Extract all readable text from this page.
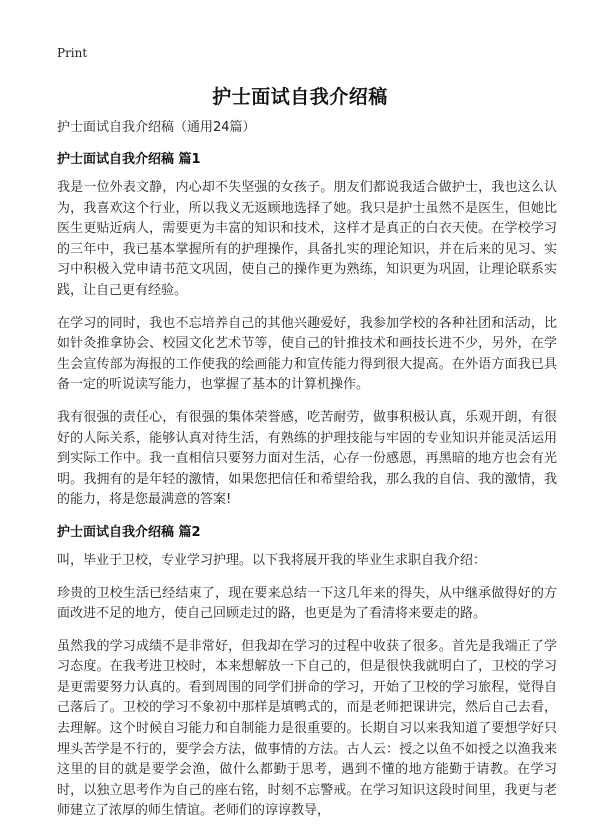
Print
护士面试自我介绍稿

护士面试自我介绍稿（通用24篇）

护士面试自我介绍稿 篇1

我是一位外表文静，内心却不失坚强的女孩子。朋友们都说我适合做护士，我也这么认为，我喜欢这个行业，所以我义无返顾地选择了她。我只是护士虽然不是医生，但她比医生更贴近病人，需要更为丰富的知识和技术，这样才是真正的白衣天使。在学校学习的三年中，我已基本掌握所有的护理操作，具备扎实的理论知识，并在后来的见习、实习中积极入党申请书范文巩固，使自己的操作更为熟练，知识更为巩固，让理论联系实践，让自己更有经验。

在学习的同时，我也不忘培养自己的其他兴趣爱好，我参加学校的各种社团和活动，比如针灸推拿协会、校园文化艺术节等，使自己的针推技术和画技长进不少，另外，在学生会宣传部为海报的工作使我的绘画能力和宣传能力得到很大提高。在外语方面我已具备一定的听说读写能力，也掌握了基本的计算机操作。

我有很强的责任心，有很强的集体荣誉感，吃苦耐劳，做事积极认真，乐观开朗，有很好的人际关系，能够认真对待生活，有熟练的护理技能与牢固的专业知识并能灵活运用到实际工作中。我一直相信只要努力面对生活，心存一份感恩，再黑暗的地方也会有光明。我拥有的是年轻的激情，如果您把信任和希望给我，那么我的自信、我的激情，我的能力，将是您最满意的答案!

护士面试自我介绍稿 篇2

叫，毕业于卫校，专业学习护理。以下我将展开我的毕业生求职自我介绍：

珍贵的卫校生活已经结束了，现在要来总结一下这几年来的得失，从中继承做得好的方面改进不足的地方，使自己回顾走过的路，也更是为了看清将来要走的路。

虽然我的学习成绩不是非常好，但我却在学习的过程中收获了很多。首先是我端正了学习态度。在我考进卫校时，本来想解放一下自己的，但是很快我就明白了，卫校的学习是更需要努力认真的。看到周围的同学们拼命的学习，开始了卫校的学习旅程，觉得自己落后了。卫校的学习不象初中那样是填鸭式的，而是老师把课讲完，然后自己去看，去理解。这个时候自习能力和自制能力是很重要的。长期自习以来我知道了要想学好只埋头苦学是不行的，要学会方法，做事情的方法。古人云：授之以鱼不如授之以渔我来这里的目的就是要学会渔，做什么都勤于思考，遇到不懂的地方能勤于请教。在学习时，以独立思考作为自己的座右铭，时刻不忘警戒。在学习知识这段时间里，我更与老师建立了浓厚的师生情谊。老师们的谆谆教导，
